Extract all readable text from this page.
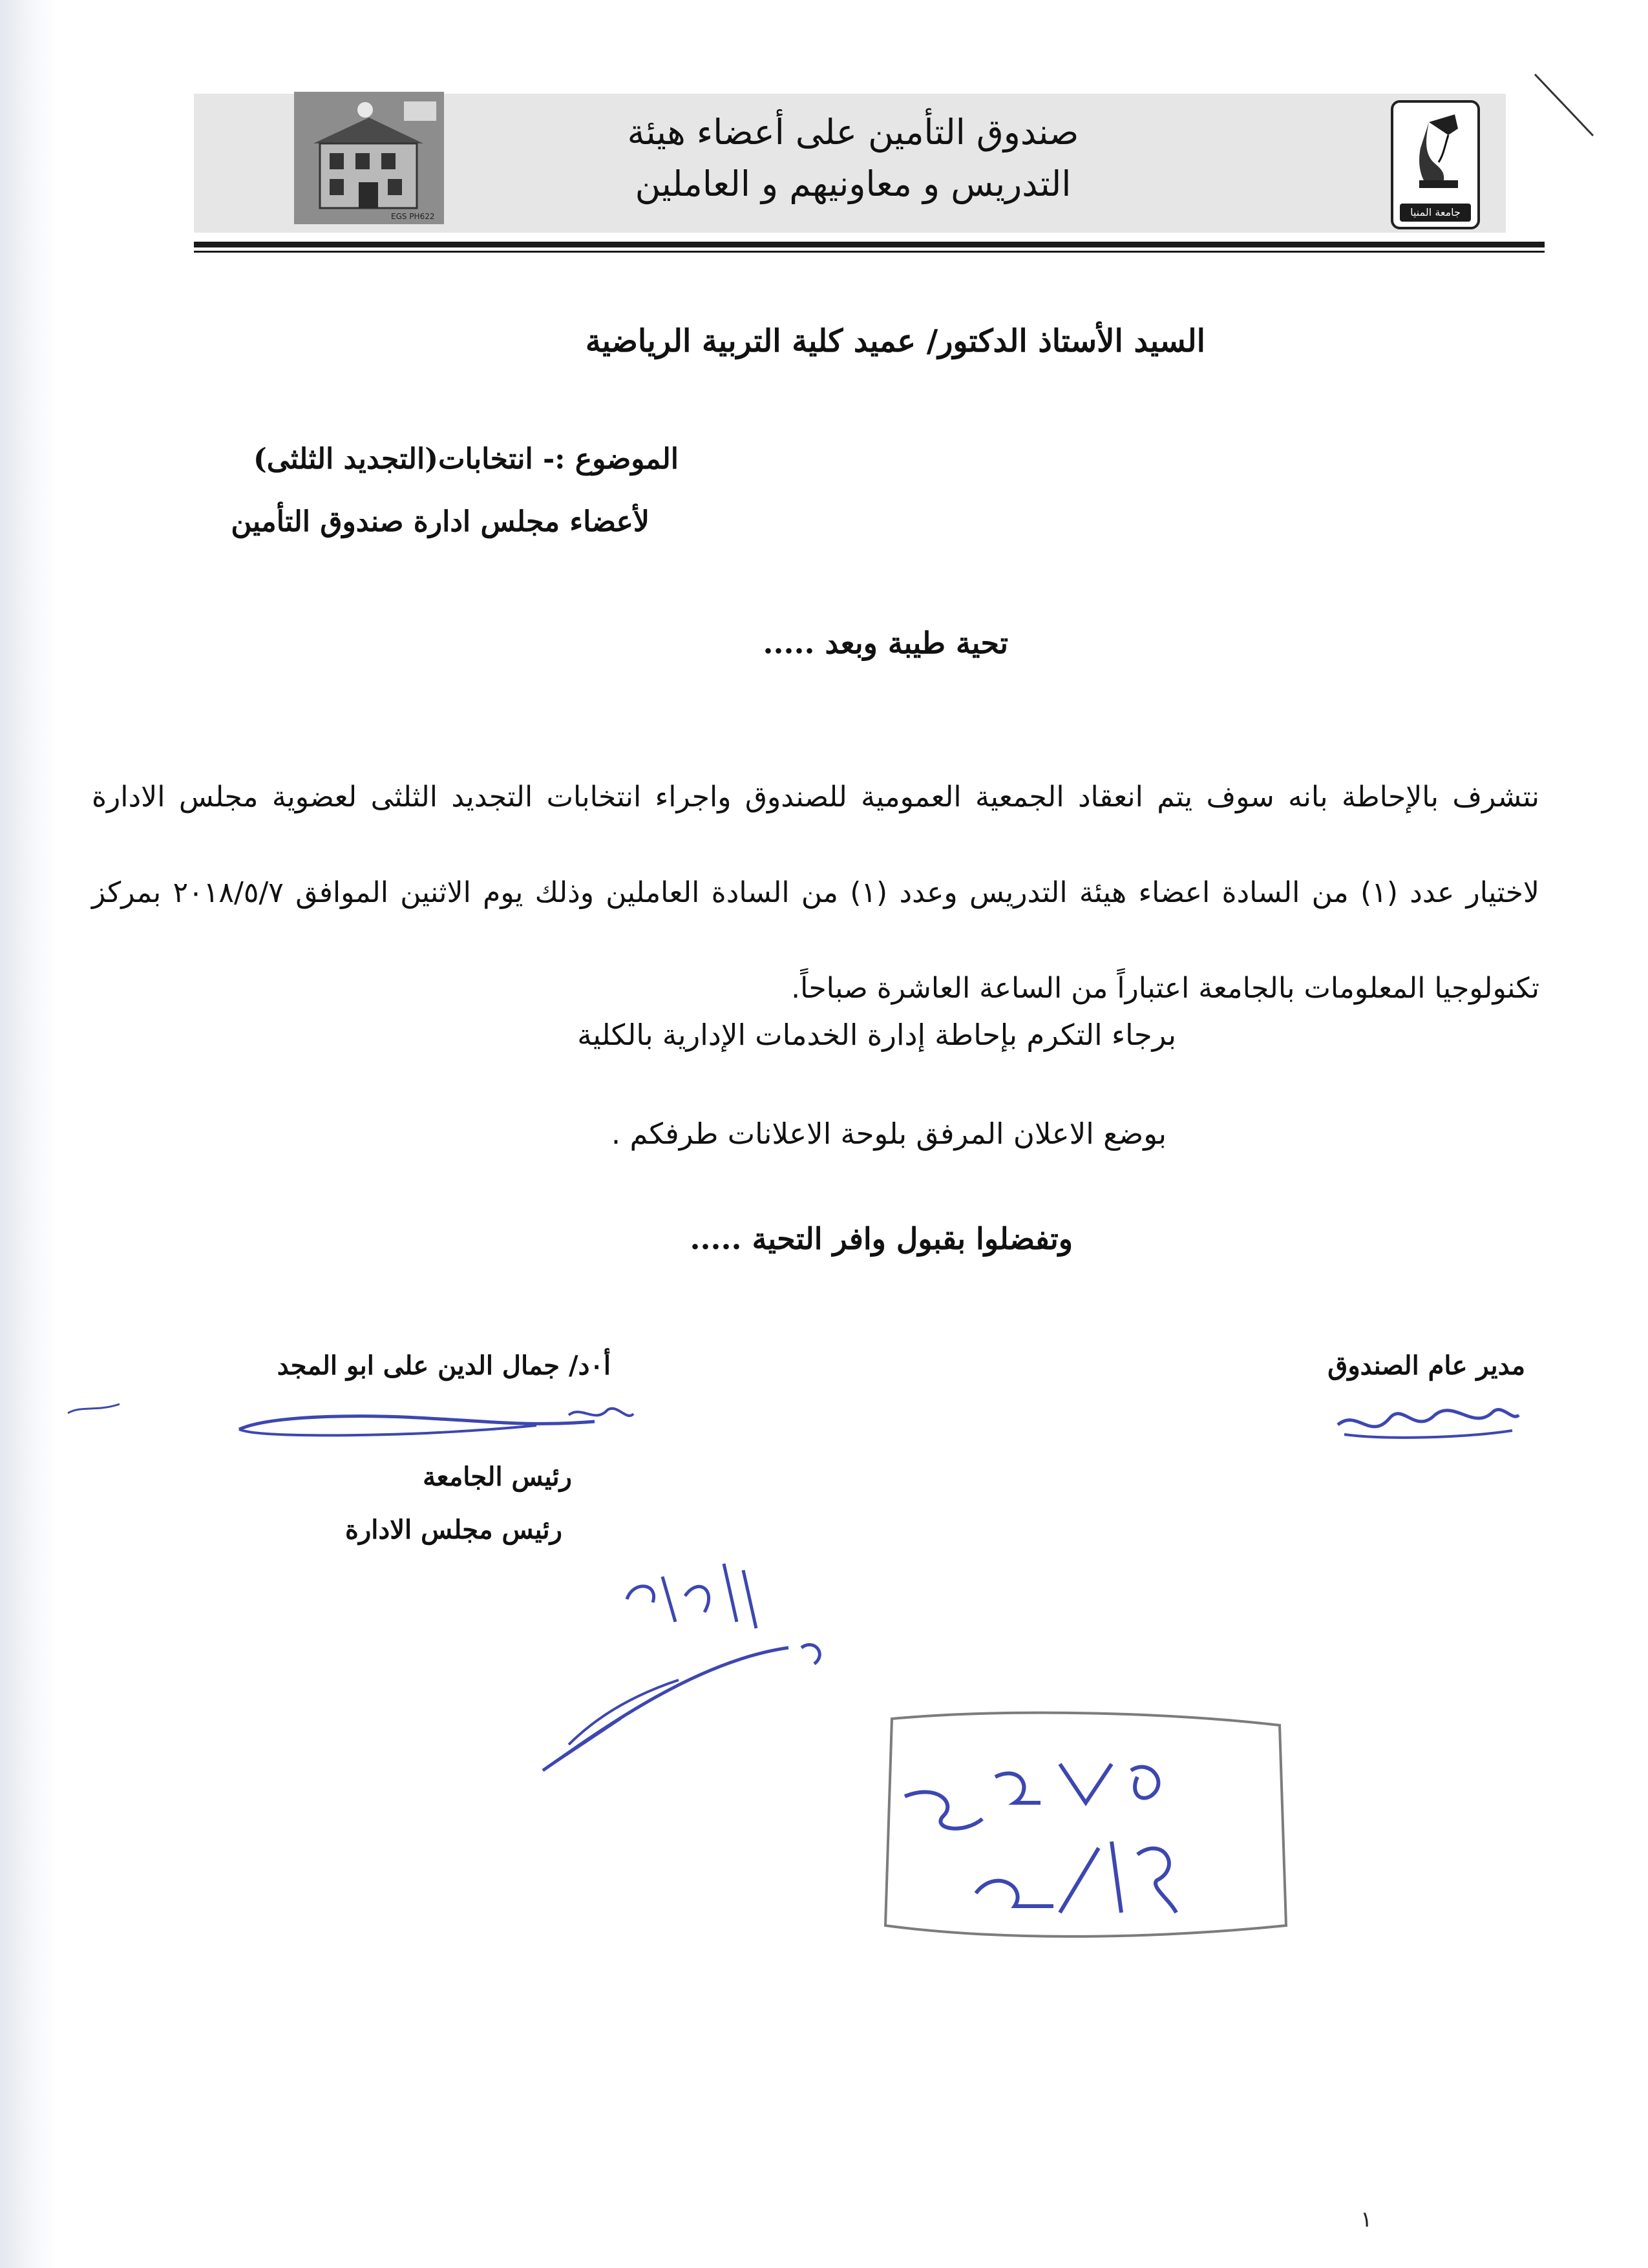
EGS PH622
صندوق التأمين على أعضاء هيئة
التدريس و معاونيهم و العاملين
جامعة المنيا
السيد الأستاذ الدكتور/ عميد كلية التربية الرياضية
الموضوع :- انتخابات(التجديد الثلثى)
لأعضاء مجلس ادارة صندوق التأمين
تحية طيبة وبعد .....
نتشرف بالإحاطة بانه سوف يتم انعقاد الجمعية العمومية للصندوق واجراء انتخابات التجديد الثلثى لعضوية مجلس الادارة لاختيار عدد (١) من السادة اعضاء هيئة التدريس وعدد (١) من السادة العاملين وذلك يوم الاثنين الموافق ٢٠١٨/٥/٧ بمركز تكنولوجيا المعلومات بالجامعة اعتباراً من الساعة العاشرة صباحاً.
برجاء التكرم بإحاطة إدارة الخدمات الإدارية بالكلية
بوضع الاعلان المرفق بلوحة الاعلانات طرفكم .
وتفضلوا بقبول وافر التحية .....
أ٠د/ جمال الدين على ابو المجد
رئيس الجامعة
رئيس مجلس الادارة
مدير عام الصندوق
١
